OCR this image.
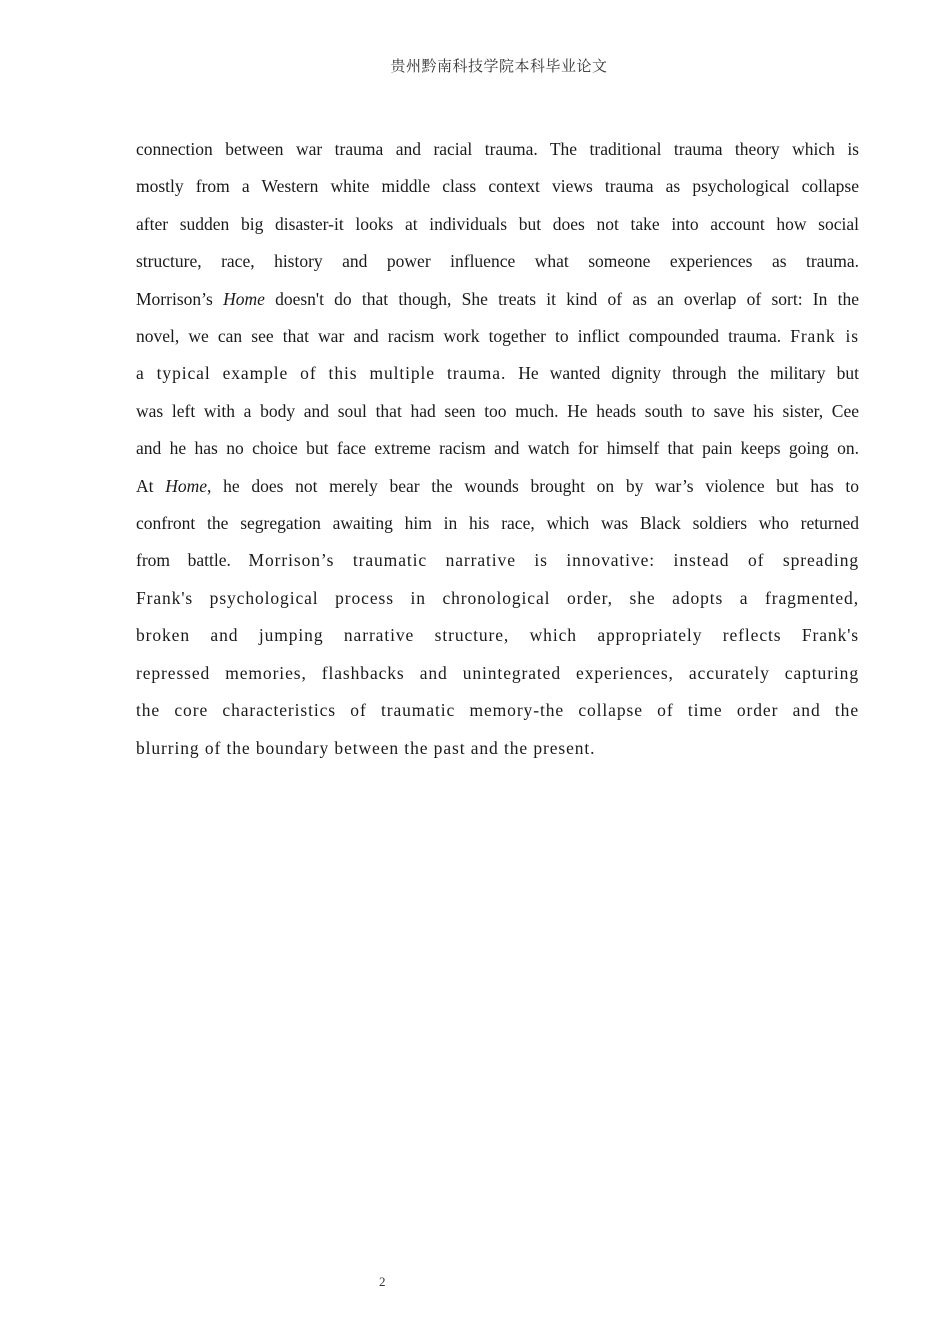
贵州黔南科技学院本科毕业论文
connection between war trauma and racial trauma. The traditional trauma theory which is
mostly from a Western white middle class context views trauma as psychological collapse
after sudden big disaster-it looks at individuals but does not take into account how social
structure, race, history and power influence what someone experiences as trauma.
Morrison’s Home doesn't do that though, She treats it kind of as an overlap of sort: In the
novel, we can see that war and racism work together to inflict compounded trauma. Frank is
a typical example of this multiple trauma. He wanted dignity through the military but
was left with a body and soul that had seen too much. He heads south to save his sister, Cee
and he has no choice but face extreme racism and watch for himself that pain keeps going on.
At Home, he does not merely bear the wounds brought on by war’s violence but has to
confront the segregation awaiting him in his race, which was Black soldiers who returned
from battle. Morrison’s traumatic narrative is innovative: instead of spreading
Frank's psychological process in chronological order, she adopts a fragmented,
broken and jumping narrative structure, which appropriately reflects Frank's
repressed memories, flashbacks and unintegrated experiences, accurately capturing
the core characteristics of traumatic memory-the collapse of time order and the
blurring of the boundary between the past and the present.
2
